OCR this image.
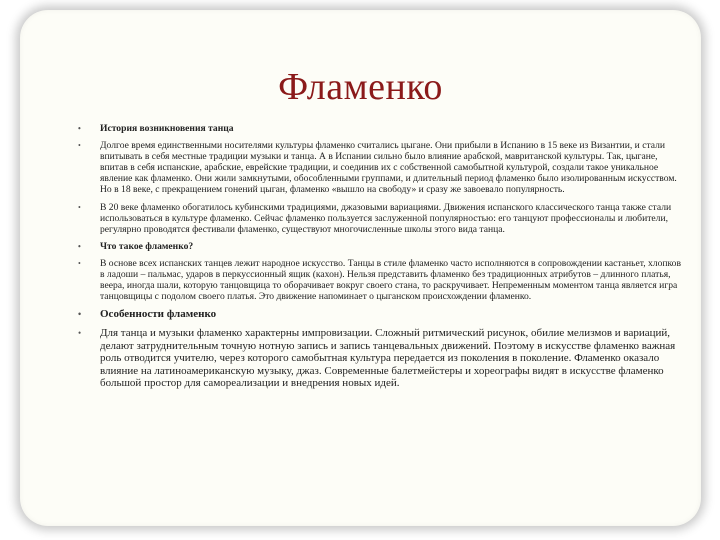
Фламенко
• История возникновения танца
• Долгое время единственными носителями культуры фламенко считались цыгане. Они прибыли в Испанию в 15 веке из Византии, и стали впитывать в себя местные традиции музыки и танца. А в Испании сильно было влияние арабской, мавританской культуры. Так, цыгане, впитав в себя испанские, арабские, еврейские традиции, и соединив их с собственной самобытной культурой, создали такое уникальное явление как фламенко. Они жили замкнутыми, обособленными группами, и длительный период фламенко было изолированным искусством. Но в 18 веке, с прекращением гонений цыган, фламенко «вышло на свободу» и сразу же завоевало популярность.
• В 20 веке фламенко обогатилось кубинскими традициями, джазовыми вариациями. Движения испанского классического танца также стали использоваться в культуре фламенко. Сейчас фламенко пользуется заслуженной популярностью: его танцуют профессионалы и любители, регулярно проводятся фестивали фламенко, существуют многочисленные школы этого вида танца.
• Что такое фламенко?
• В основе всех испанских танцев лежит народное искусство. Танцы в стиле фламенко часто исполняются в сопровождении кастаньет, хлопков в ладоши – пальмас, ударов в перкуссионный ящик (кахон). Нельзя представить фламенко без традиционных атрибутов – длинного платья, веера, иногда шали, которую танцовщица то оборачивает вокруг своего стана, то раскручивает. Непременным моментом танца является игра танцовщицы с подолом своего платья. Это движение напоминает о цыганском происхождении фламенко.
• Особенности фламенко
• Для танца и музыки фламенко характерны импровизации. Сложный ритмический рисунок, обилие мелизмов и вариаций, делают затруднительным точную нотную запись и запись танцевальных движений. Поэтому в искусстве фламенко важная роль отводится учителю, через которого самобытная культура передается из поколения в поколение. Фламенко оказало влияние на латиноамериканскую музыку, джаз. Современные балетмейстеры и хореографы видят в искусстве фламенко большой простор для самореализации и внедрения новых идей.
